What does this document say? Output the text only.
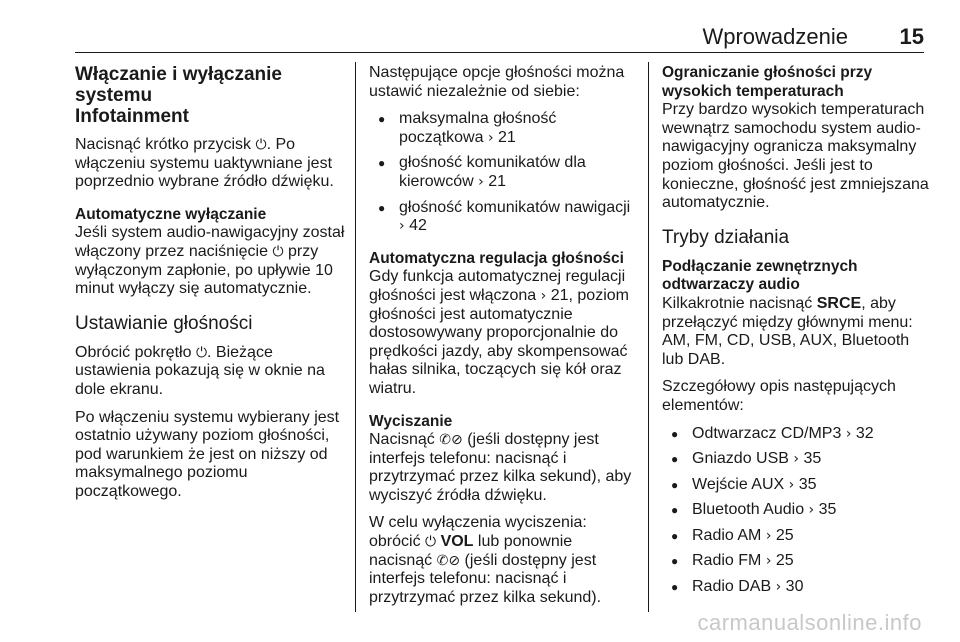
Wprowadzenie 15
Włączanie i wyłączanie systemu
Infotainment

Nacisnąć krótko przycisk ⏻. Po włączeniu systemu uaktywniane jest poprzednio wybrane źródło dźwięku.

Automatyczne wyłączanie

Jeśli system audio-nawigacyjny został włączony przez naciśnięcie ⏻ przy wyłączonym zapłonie, po upływie 10 minut wyłączy się automatycznie.

Ustawianie głośności

Obrócić pokrętło ⏻. Bieżące ustawienia pokazują się w oknie na dole ekranu.

Po włączeniu systemu wybierany jest ostatnio używany poziom głośności, pod warunkiem że jest on niższy od maksymalnego poziomu początkowego.

Następujące opcje głośności można ustawić niezależnie od siebie:

● maksymalna głośność początkowa › 21
● głośność komunikatów dla kierowców › 21
● głośność komunikatów nawigacji › 42
Automatyczna regulacja głośności

Gdy funkcja automatycznej regulacji głośności jest włączona › 21, poziom głośności jest automatycznie dostosowywany proporcjonalnie do prędkości jazdy, aby skompensować hałas silnika, toczących się kół oraz wiatru.

Wyciszanie

Nacisnąć ✆⊘ (jeśli dostępny jest interfejs telefonu: nacisnąć i przytrzymać przez kilka sekund), aby wyciszyć źródła dźwięku.

W celu wyłączenia wyciszenia: obrócić ⏻ VOL lub ponownie nacisnąć ✆⊘ (jeśli dostępny jest interfejs telefonu: nacisnąć i przytrzymać przez kilka sekund).

Ograniczanie głośności przy
wysokich temperaturach

Przy bardzo wysokich temperaturach wewnątrz samochodu system audio-nawigacyjny ogranicza maksymalny poziom głośności. Jeśli jest to konieczne, głośność jest zmniejszana automatycznie.

Tryby działania
Podłączanie zewnętrznych
odtwarzaczy audio

Kilkakrotnie nacisnąć SRCE, aby przełączyć między głównymi menu: AM, FM, CD, USB, AUX, Bluetooth lub DAB.

Szczegółowy opis następujących elementów:

● Odtwarzacz CD/MP3 › 32
● Gniazdo USB › 35
● Wejście AUX › 35
● Bluetooth Audio › 35
● Radio AM › 25
● Radio FM › 25
● Radio DAB › 30
carmanualsonline.info
